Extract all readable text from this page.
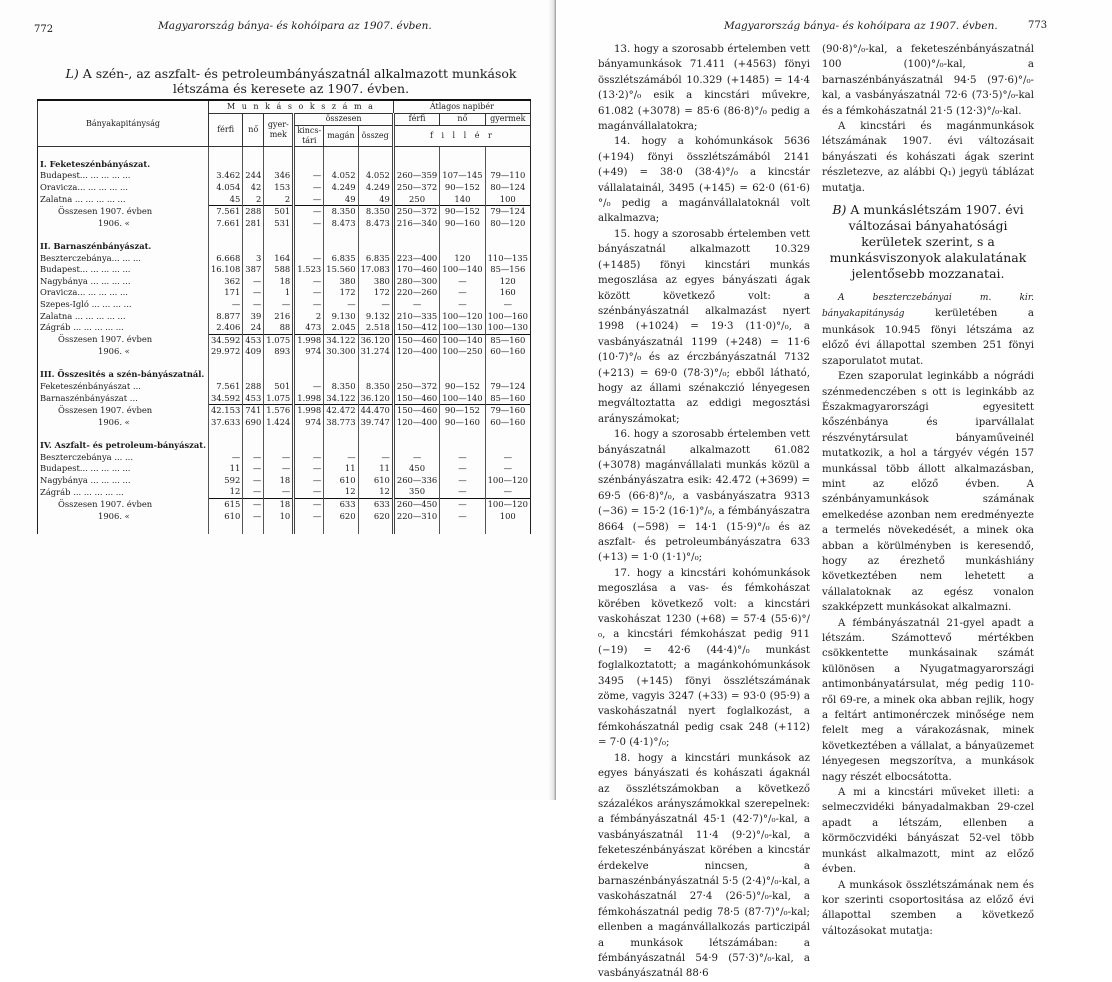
772	Magyarország bánya- és kohóipara az 1907. évben.
L) A szén-, az aszfalt- és petroleumbányászatnál alkalmazott munkások létszáma és keresete az 1907. évben.
Bányakapitányság	M u n k á s o k s z á m a						Átlagos napibér		
	férfi	nő	gyer-mek	összesen			férfi	nő	gyermek
				kincs-tári	magán	összeg	f i l l é r		

I. Feketeszénbányászat.									
Budapest... ... ... ... ...	3.462	244	346	—	4.052	4.052	260—359	107—145	79—110
Oravicza... ... ... ... ...	4.054	42	153	—	4.249	4.249	250—372	90—152	80—124
Zalatna ... ... ... ... ...	45	2	2	—	49	49	250	140	100
Összesen 1907. évben	7.561	288	501	—	8.350	8.350	250—372	90—152	79—124
1906. «	7.661	281	531	—	8.473	8.473	216—340	90—160	80—120

II. Barnaszénbányászat.									
Beszterczebánya... ... ...	6.668	3	164	—	6.835	6.835	223—400	120	110—135
Budapest... ... ... ... ...	16.108	387	588	1.523	15.560	17.083	170—460	100—140	85—156
Nagybánya ... ... ... ...	362	—	18	—	380	380	280—300	—	120
Oravicza... ... ... ... ...	171	—	1	—	172	172	220—260	—	160
Szepes-Igló ... ... ... ...	—	—	—	—	—	—	—	—	—
Zalatna ... ... ... ... ...	8.877	39	216	2	9.130	9.132	210—335	100—120	100—160
Zágráb ... ... ... ... ...	2.406	24	88	473	2.045	2.518	150—412	100—130	100—130
Összesen 1907. évben	34.592	453	1.075	1.998	34.122	36.120	150—460	100—140	85—160
1906. «	29.972	409	893	974	30.300	31.274	120—400	100—250	60—160

III. Összesités a szén-bányászatnál.									
Feketeszénbányászat ...	7.561	288	501	—	8.350	8.350	250—372	90—152	79—124
Barnaszénbányászat ...	34.592	453	1.075	1.998	34.122	36.120	150—460	100—140	85—160
Összesen 1907. évben	42.153	741	1.576	1.998	42.472	44.470	150—460	90—152	79—160
1906. «	37.633	690	1.424	974	38.773	39.747	120—400	90—160	60—160

IV. Aszfalt- és petroleum-bányászat.									
Beszterczebánya ... ...	—	—	—	—	—	—	—	—	—
Budapest... ... ... ... ...	11	—	—	—	11	11	450	—	—
Nagybánya ... ... ... ...	592	—	18	—	610	610	260—336	—	100—120
Zágráb ... ... ... ... ...	12	—	—	—	12	12	350	—	—
Összesen 1907. évben	615	—	18	—	633	633	260—450	—	100—120
1906. «	610	—	10	—	620	620	220—310	—	100

Magyarország bánya- és kohóipara az 1907. évben.	773

13. hogy a szorosabb értelemben vett bányamunkások 71.411 (+4563) fönyi összlétszámából 10.329 (+1485) = 14·4 (13·2)°/₀ esik a kincstári művekre, 61.082 (+3078) = 85·6 (86·8)°/₀ pedig a magánvállalatokra;

14. hogy a kohómunkások 5636 (+194) fönyi összlétszámából 2141 (+49) = 38·0 (38·4)°/₀ a kincstár vállalatainál, 3495 (+145) = 62·0 (61·6)°/₀ pedig a magánvállalatoknál volt alkalmazva;

15. hogy a szorosabb értelemben vett bányászatnál alkalmazott 10.329 (+1485) fönyi kincstári munkás megoszlása az egyes bányászati ágak között következő volt: a szénbányászatnál alkalmazást nyert 1998 (+1024) = 19·3 (11·0)°/₀, a vasbányászatnál 1199 (+248) = 11·6 (10·7)°/₀ és az érczbányászatnál 7132 (+213) = 69·0 (78·3)°/₀; ebből látható, hogy az állami szénakczió lényegesen megváltoztatta az eddigi megosztási arányszámokat;

16. hogy a szorosabb értelemben vett bányászatnál alkalmazott 61.082 (+3078) magánvállalati munkás közül a szénbányászatra esik: 42.472 (+3699) = 69·5 (66·8)°/₀, a vasbányászatra 9313 (−36) = 15·2 (16·1)°/₀, a fémbányászatra 8664 (−598) = 14·1 (15·9)°/₀ és az aszfalt- és petroleumbányászatra 633 (+13) = 1·0 (1·1)°/₀;

17. hogy a kincstári kohómunkások megoszlása a vas- és fémkohászat körében következő volt: a kincstári vaskohászat 1230 (+68) = 57·4 (55·6)°/₀, a kincstári fémkohászat pedig 911 (−19) = 42·6 (44·4)°/₀ munkást foglalkoztatott; a magánkohómunkások 3495 (+145) fönyi összlétszámának zöme, vagyis 3247 (+33) = 93·0 (95·9) a vaskohászatnál nyert foglalkozást, a fémkohászatnál pedig csak 248 (+112) = 7·0 (4·1)°/₀;

18. hogy a kincstári munkások az egyes bányászati és kohászati ágaknál az összlétszámokban a következő százalékos arányszámokkal szerepelnek: a fémbányászatnál 45·1 (42·7)°/₀-kal, a vasbányászatnál 11·4 (9·2)°/₀-kal, a feketeszénbányászat körében a kincstár érdekelve nincsen, a barnaszénbányászatnál 5·5 (2·4)°/₀-kal, a vaskohászatnál 27·4 (26·5)°/₀-kal, a fémkohászatnál pedig 78·5 (87·7)°/₀-kal; ellenben a magánvállalkozás particzipál a munkások létszámában: a fémbányászatnál 54·9 (57·3)°/₀-kal, a vasbányászatnál 88·6

(90·8)°/₀-kal, a feketeszénbányászatnál 100 (100)°/₀-kal, a barnaszénbányászatnál 94·5 (97·6)°/₀-kal, a vasbányászatnál 72·6 (73·5)°/₀-kal és a fémkohászatnál 21·5 (12·3)°/₀-kal.

A kincstári és magánmunkások létszámának 1907. évi változásait bányászati és kohászati ágak szerint részletezve, az alábbi Q₁) jegyü táblázat mutatja.

B) A munkáslétszám 1907. évi változásai bányahatósági kerületek szerint, s a munkásviszonyok alakulatának jelentősebb mozzanatai.

A beszterczebányai m. kir. bányakapitányság	kerületében a munkások 10.945 fönyi létszáma az előző évi állapottal szemben 251 fönyi szaporulatot mutat.

Ezen szaporulat leginkább a nógrádi szénmedenczében s ott is leginkább az Északmagyarországi egyesitett kőszénbánya és iparvállalat részvénytársulat bányaműveinél mutatkozik, a hol a tárgyév végén 157 munkással több állott alkalmazásban, mint az előző évben. A szénbányamunkások számának emelkedése azonban nem eredményezte a termelés növekedését, a minek oka abban a körülményben is keresendő, hogy az érezhető munkáshiány következtében nem lehetett a vállalatoknak az egész vonalon szakképzett munkásokat alkalmazni.

A fémbányászatnál 21-gyel apadt a létszám. Számottevő mértékben csökkentette munkásainak számát különösen a Nyugatmagyarországi antimonbányatársulat, még pedig 110-ről 69-re, a minek oka abban rejlik, hogy a feltárt antimonérczek minősége nem felelt meg a várakozásnak, minek következtében a vállalat, a bányaüzemet lényegesen megszorítva, a munkások nagy részét elbocsátotta.

A mi a kincstári műveket illeti: a selmeczvidéki bányadalmakban 29-czel apadt a létszám, ellenben a körmöczvidéki bányászat 52-vel több munkást alkalmazott, mint az előző évben.

A munkások összlétszámának nem és kor szerinti csoportositása az előző évi állapottal szemben a következő változásokat mutatja:
